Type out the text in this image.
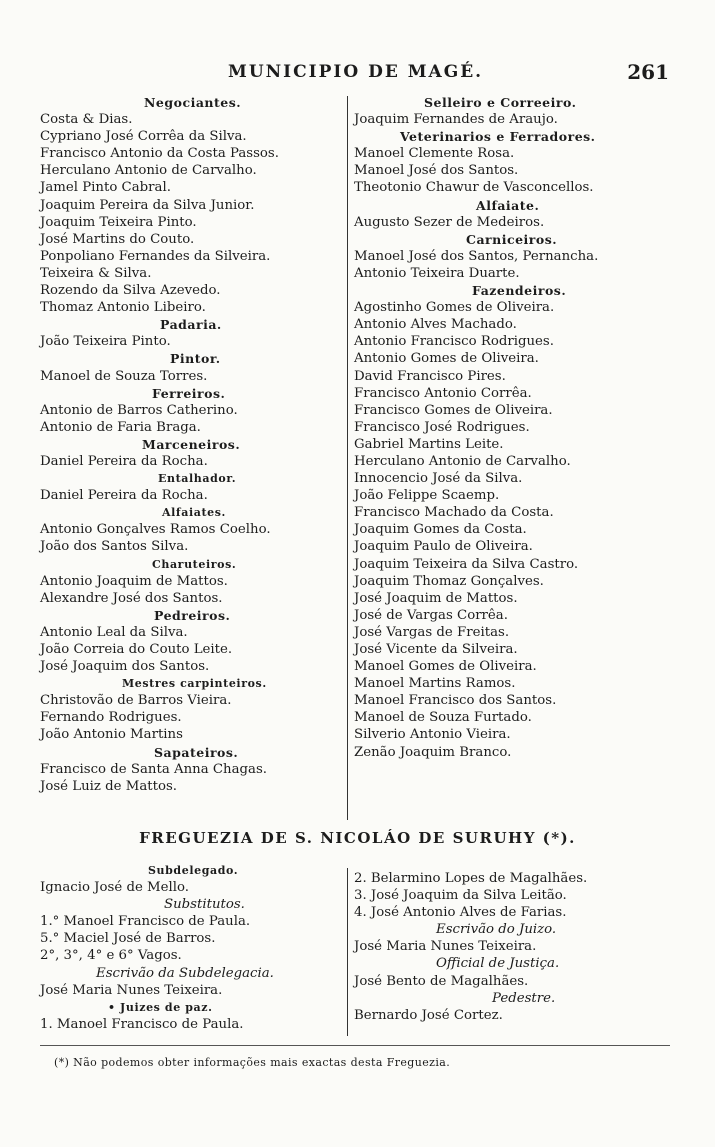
MUNICIPIO DE MAGÉ.	261
Negociantes.
Costa & Dias.
Cypriano José Corrêa da Silva.
Francisco Antonio da Costa Passos.
Herculano Antonio de Carvalho.
Jamel Pinto Cabral.
Joaquim Pereira da Silva Junior.
Joaquim Teixeira Pinto.
José Martins do Couto.
Ponpoliano Fernandes da Silveira.
Teixeira & Silva.
Rozendo da Silva Azevedo.
Thomaz Antonio Libeiro.
Padaria.
João Teixeira Pinto.
Pintor.
Manoel de Souza Torres.
Ferreiros.
Antonio de Barros Catherino.
Antonio de Faria Braga.
Marceneiros.
Daniel Pereira da Rocha.
Entalhador.
Daniel Pereira da Rocha.
Alfaiates.
Antonio Gonçalves Ramos Coelho.
João dos Santos Silva.
Charuteiros.
Antonio Joaquim de Mattos.
Alexandre José dos Santos.
Pedreiros.
Antonio Leal da Silva.
João Correia do Couto Leite.
José Joaquim dos Santos.
Mestres carpinteiros.
Christovão de Barros Vieira.
Fernando Rodrigues.
João Antonio Martins
Sapateiros.
Francisco de Santa Anna Chagas.
José Luiz de Mattos.
Selleiro e Correeiro.
Joaquim Fernandes de Araujo.
Veterinarios e Ferradores.
Manoel Clemente Rosa.
Manoel José dos Santos.
Theotonio Chawur de Vasconcellos.
Alfaiate.
Augusto Sezer de Medeiros.
Carniceiros.
Manoel José dos Santos, Pernancha.
Antonio Teixeira Duarte.
Fazendeiros.
Agostinho Gomes de Oliveira.
Antonio Alves Machado.
Antonio Francisco Rodrigues.
Antonio Gomes de Oliveira.
David Francisco Pires.
Francisco Antonio Corrêa.
Francisco Gomes de Oliveira.
Francisco José Rodrigues.
Gabriel Martins Leite.
Herculano Antonio de Carvalho.
Innocencio José da Silva.
João Felippe Scaemp.
Francisco Machado da Costa.
Joaquim Gomes da Costa.
Joaquim Paulo de Oliveira.
Joaquim Teixeira da Silva Castro.
Joaquim Thomaz Gonçalves.
José Joaquim de Mattos.
José de Vargas Corrêa.
José Vargas de Freitas.
José Vicente da Silveira.
Manoel Gomes de Oliveira.
Manoel Martins Ramos.
Manoel Francisco dos Santos.
Manoel de Souza Furtado.
Silverio Antonio Vieira.
Zenão Joaquim Branco.
FREGUEZIA DE S. NICOLÁO DE SURUHY (*).
Subdelegado.
Ignacio José de Mello.
Substitutos.
1.° Manoel Francisco de Paula.
5.° Maciel José de Barros.
2°, 3°, 4° e 6° Vagos.
Escrivão da Subdelegacia.
José Maria Nunes Teixeira.
• Juizes de paz.
1. Manoel Francisco de Paula.
2. Belarmino Lopes de Magalhães.
3. José Joaquim da Silva Leitão.
4. José Antonio Alves de Farias.
Escrivão do Juizo.
José Maria Nunes Teixeira.
Official de Justiça.
José Bento de Magalhães.
Pedestre.
Bernardo José Cortez.
(*) Não podemos obter informações mais exactas desta Freguezia.
